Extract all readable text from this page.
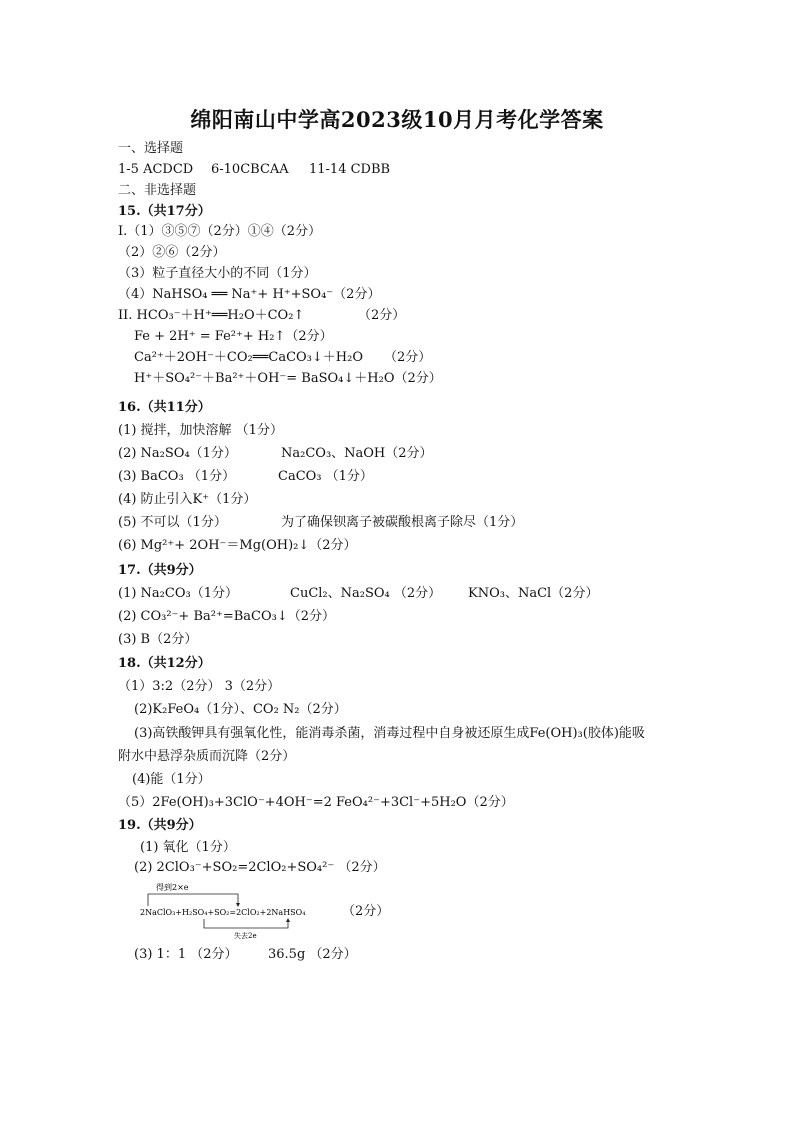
绵阳南山中学高2023级10月月考化学答案
一、选择题
1-5 ACDCD 6-10CBCAA 11-14 CDBB
二、非选择题
15.（共17分）
I.（1）③⑤⑦（2分）①④（2分）
（2）②⑥（2分）
（3）粒子直径大小的不同（1分）
（4）NaHSO₄ ══ Na⁺+ H⁺+SO₄⁻（2分）
II. HCO₃⁻＋H⁺══H₂O＋CO₂↑	（2分）
Fe + 2H⁺ = Fe²⁺+ H₂↑（2分）
Ca²⁺＋2OH⁻＋CO₂══CaCO₃↓＋H₂O （2分）
H⁺＋SO₄²⁻＋Ba²⁺＋OH⁻= BaSO₄↓＋H₂O（2分）
16.（共11分）
(1) 搅拌，加快溶解 （1分）
(2) Na₂SO₄（1分）	Na₂CO₃、NaOH（2分）
(3) BaCO₃ （1分）	CaCO₃ （1分）
(4) 防止引入K⁺（1分）
(5) 不可以（1分）	为了确保钡离子被碳酸根离子除尽（1分）
(6) Mg²⁺+ 2OH⁻＝Mg(OH)₂↓（2分）
17.（共9分）
(1) Na₂CO₃（1分）	CuCl₂、Na₂SO₄ （2分） KNO₃、NaCl（2分）
(2) CO₃²⁻+ Ba²⁺=BaCO₃↓（2分）
(3) B（2分）
18.（共12分）
（1）3:2（2分） 3（2分）
(2)K₂FeO₄（1分）、CO₂ N₂（2分）
(3)高铁酸钾具有强氧化性，能消毒杀菌，消毒过程中自身被还原生成Fe(OH)₃(胶体)能吸
附水中悬浮杂质而沉降（2分）
(4)能（1分）
（5）2Fe(OH)₃+3ClO⁻+4OH⁻=2 FeO₄²⁻+3Cl⁻+5H₂O（2分）
19.（共9分）
(1) 氧化（1分）
(2) 2ClO₃⁻+SO₂=2ClO₂+SO₄²⁻ （2分）
得到2×e
2NaClO₃+H₂SO₄+SO₂=2ClO₂+2NaHSO₄
失去2e
（2分）
(3) 1：1 （2分） 36.5g （2分）
